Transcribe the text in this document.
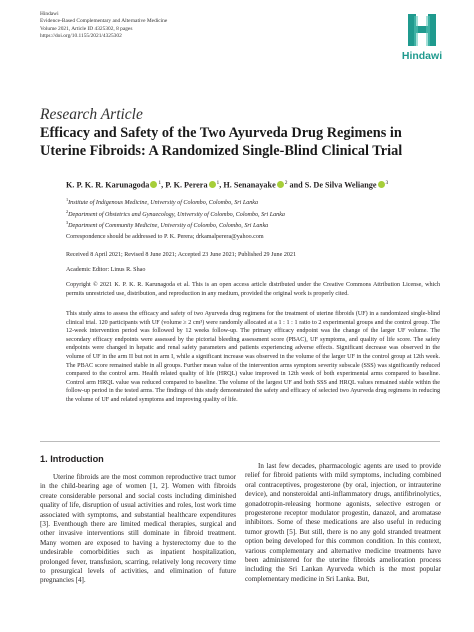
Hindawi
Evidence-Based Complementary and Alternative Medicine
Volume 2021, Article ID 4325302, 8 pages
https://doi.org/10.1155/2021/4325302
Hindawi
Research Article
Efficacy and Safety of the Two Ayurveda Drug Regimens in Uterine Fibroids: A Randomized Single-Blind Clinical Trial
K. P. K. R. Karunagoda $^1$, P. K. Perera $^1$, H. Senanayake $^2$ and S. De Silva Weliange $^3$
$^1$Institute of Indigenous Medicine, University of Colombo, Colombo, Sri Lanka
$^2$Department of Obstetrics and Gynaecology, University of Colombo, Colombo, Sri Lanka
$^3$Department of Community Medicine, University of Colombo, Colombo, Sri Lanka
Correspondence should be addressed to P. K. Perera; drkamalperera@yahoo.com
Received 8 April 2021; Revised 8 June 2021; Accepted 23 June 2021; Published 29 June 2021
Academic Editor: Linus R. Shao
Copyright © 2021 K. P. K. R. Karunagoda et al. This is an open access article distributed under the Creative Commons Attribution License, which permits unrestricted use, distribution, and reproduction in any medium, provided the original work is properly cited.
This study aims to assess the efficacy and safety of two Ayurveda drug regimens for the treatment of uterine fibroids (UF) in a randomized single-blind clinical trial. 120 participants with UF (volume ≥ 2 cm³) were randomly allocated at a 1 : 1 : 1 ratio to 2 experimental groups and the control group. The 12-week intervention period was followed by 12 weeks follow-up. The primary efficacy endpoint was the change of the larger UF volume. The secondary efficacy endpoints were assessed by the pictorial bleeding assessment score (PBAC), UF symptoms, and quality of life score. The safety endpoints were changed in hepatic and renal safety parameters and patients experiencing adverse effects. Significant decrease was observed in the volume of UF in the arm II but not in arm I, while a significant increase was observed in the volume of the larger UF in the control group at 12th week. The PBAC score remained stable in all groups. Further mean value of the intervention arms symptom severity subscale (SSS) was significantly reduced compared to the control arm. Health related quality of life (HRQL) value improved in 12th week of both experimental arms compared to baseline. Control arm HRQL value was reduced compared to baseline. The volume of the largest UF and both SSS and HRQL values remained stable within the follow-up period in the tested arms. The findings of this study demonstrated the safety and efficacy of selected two Ayurveda drug regimens in reducing the volume of UF and related symptoms and improving quality of life.
1. Introduction

Uterine fibroids are the most common reproductive tract tumor in the child-bearing age of women [1, 2]. Women with fibroids create considerable personal and social costs including diminished quality of life, disruption of usual activities and roles, lost work time associated with symptoms, and substantial healthcare expenditures [3]. Eventhough there are limited medical therapies, surgical and other invasive interventions still dominate in fibroid treatment. Many women are exposed to having a hysterectomy due to the undesirable comorbidities such as inpatient hospitalization, prolonged fever, transfusion, scarring, relatively long recovery time to presurgical levels of activities, and elimination of future pregnancies [4].

In last few decades, pharmacologic agents are used to provide relief for fibroid patients with mild symptoms, including combined oral contraceptives, progesterone (by oral, injection, or intrauterine device), and nonsteroidal anti-inflammatory drugs, antifibrinolytics, gonadotropin-releasing hormone agonists, selective estrogen or progesterone receptor modulator progestin, danazol, and aromatase inhibitors. Some of these medications are also useful in reducing tumor growth [5]. But still, there is no any gold stranded treatment option being developed for this common condition. In this context, various complementary and alternative medicine treatments have been administered for the uterine fibroids amelioration process including the Sri Lankan Ayurveda which is the most popular complementary medicine in Sri Lanka. But,
